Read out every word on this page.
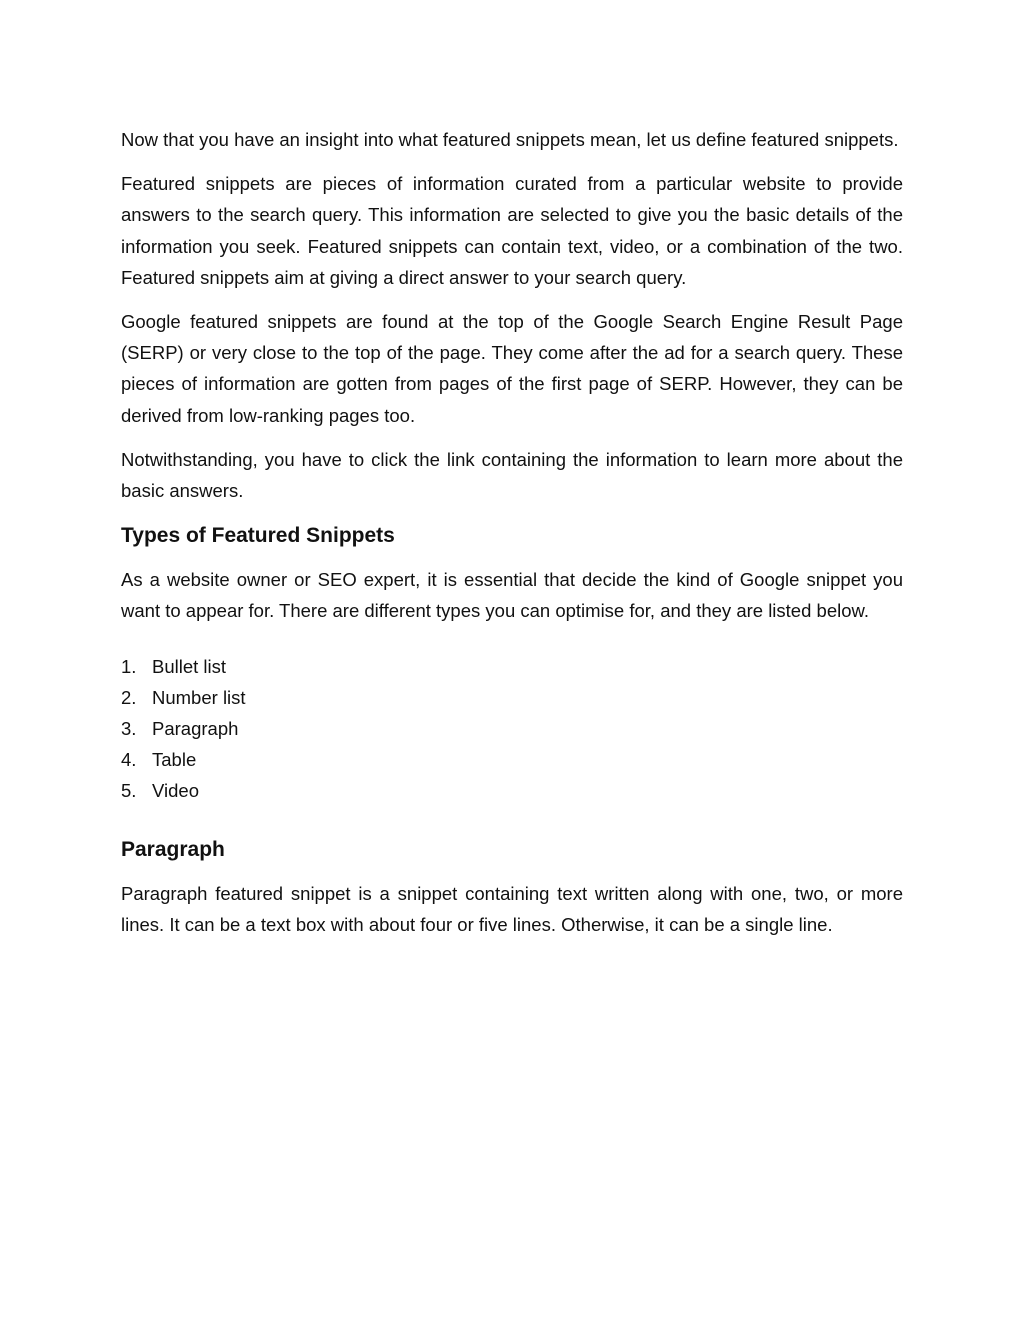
Now that you have an insight into what featured snippets mean, let us define featured snippets.

Featured snippets are pieces of information curated from a particular website to provide answers to the search query. This information are selected to give you the basic details of the information you seek. Featured snippets can contain text, video, or a combination of the two. Featured snippets aim at giving a direct answer to your search query.

Google featured snippets are found at the top of the Google Search Engine Result Page (SERP) or very close to the top of the page. They come after the ad for a search query. These pieces of information are gotten from pages of the first page of SERP. However, they can be derived from low-ranking pages too.

Notwithstanding, you have to click the link containing the information to learn more about the basic answers.

Types of Featured Snippets

As a website owner or SEO expert, it is essential that decide the kind of Google snippet you want to appear for. There are different types you can optimise for, and they are listed below.

1. Bullet list
2. Number list
3. Paragraph
4. Table
5. Video
Paragraph

Paragraph featured snippet is a snippet containing text written along with one, two, or more lines. It can be a text box with about four or five lines. Otherwise, it can be a single line.
